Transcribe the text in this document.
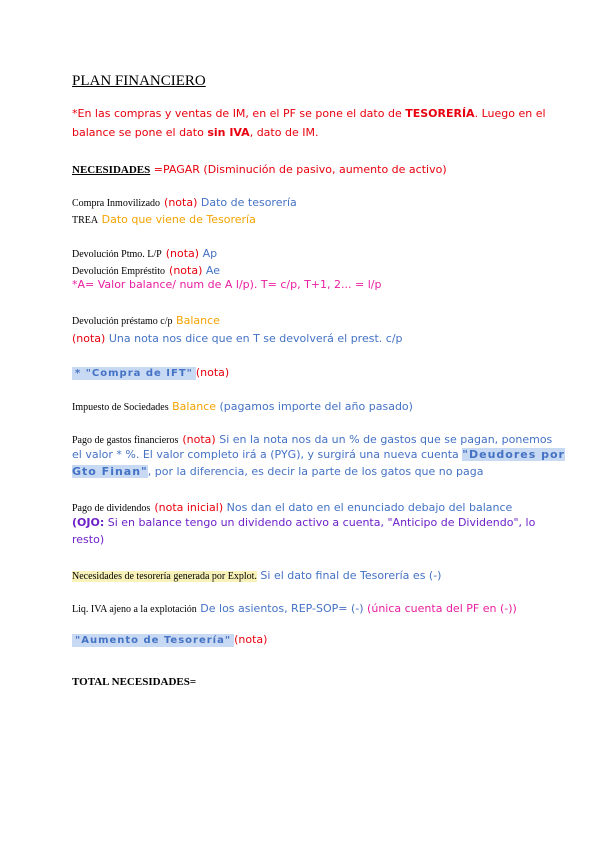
PLAN FINANCIERO
*En las compras y ventas de IM, en el PF se pone el dato de TESORERÍA. Luego en el
balance se pone el dato sin IVA, dato de IM.
NECESIDADES =PAGAR (Disminución de pasivo, aumento de activo)
Compra Inmovilizado (nota) Dato de tesorería
TREA Dato que viene de Tesorería
Devolución Ptmo. L/P (nota) Ap
Devolución Empréstito (nota) Ae
*A= Valor balance/ num de A l/p). T= c/p, T+1, 2... = l/p
Devolución préstamo c/p Balance
(nota) Una nota nos dice que en T se devolverá el prest. c/p
* "Compra de IFT" (nota)
Impuesto de Sociedades Balance (pagamos importe del año pasado)
Pago de gastos financieros (nota) Si en la nota nos da un % de gastos que se pagan, ponemos
el valor * %. El valor completo irá a (PYG), y surgirá una nueva cuenta "Deudores por
Gto Finan", por la diferencia, es decir la parte de los gatos que no paga
Pago de dividendos (nota inicial) Nos dan el dato en el enunciado debajo del balance
(OJO: Si en balance tengo un dividendo activo a cuenta, "Anticipo de Dividendo", lo
resto)
Necesidades de tesorería generada por Explot. Si el dato final de Tesorería es (-)
Liq. IVA ajeno a la explotación De los asientos, REP-SOP= (-) (única cuenta del PF en (-))
"Aumento de Tesorería" (nota)
TOTAL NECESIDADES=
